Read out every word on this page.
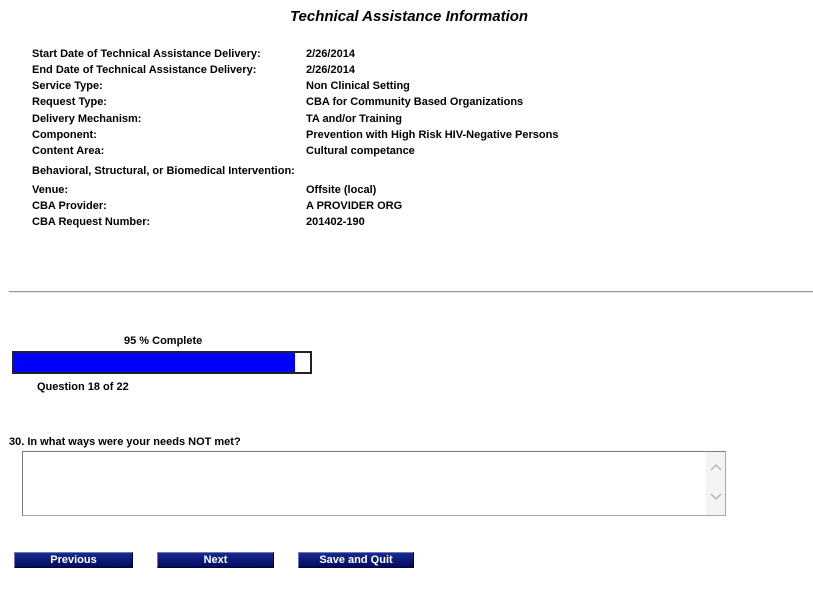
Technical Assistance Information
Start Date of Technical Assistance Delivery:	2/26/2014
End Date of Technical Assistance Delivery:	2/26/2014
Service Type:	Non Clinical Setting
Request Type:	CBA for Community Based Organizations
Delivery Mechanism:	TA and/or Training
Component:	Prevention with High Risk HIV-Negative Persons
Content Area:	Cultural competance
Behavioral, Structural, or Biomedical Intervention:
Venue:	Offsite (local)
CBA Provider:	A PROVIDER ORG
CBA Request Number:	201402-190
95 % Complete
Question 18 of 22
30. In what ways were your needs NOT met?
Previous	Next	Save and Quit
